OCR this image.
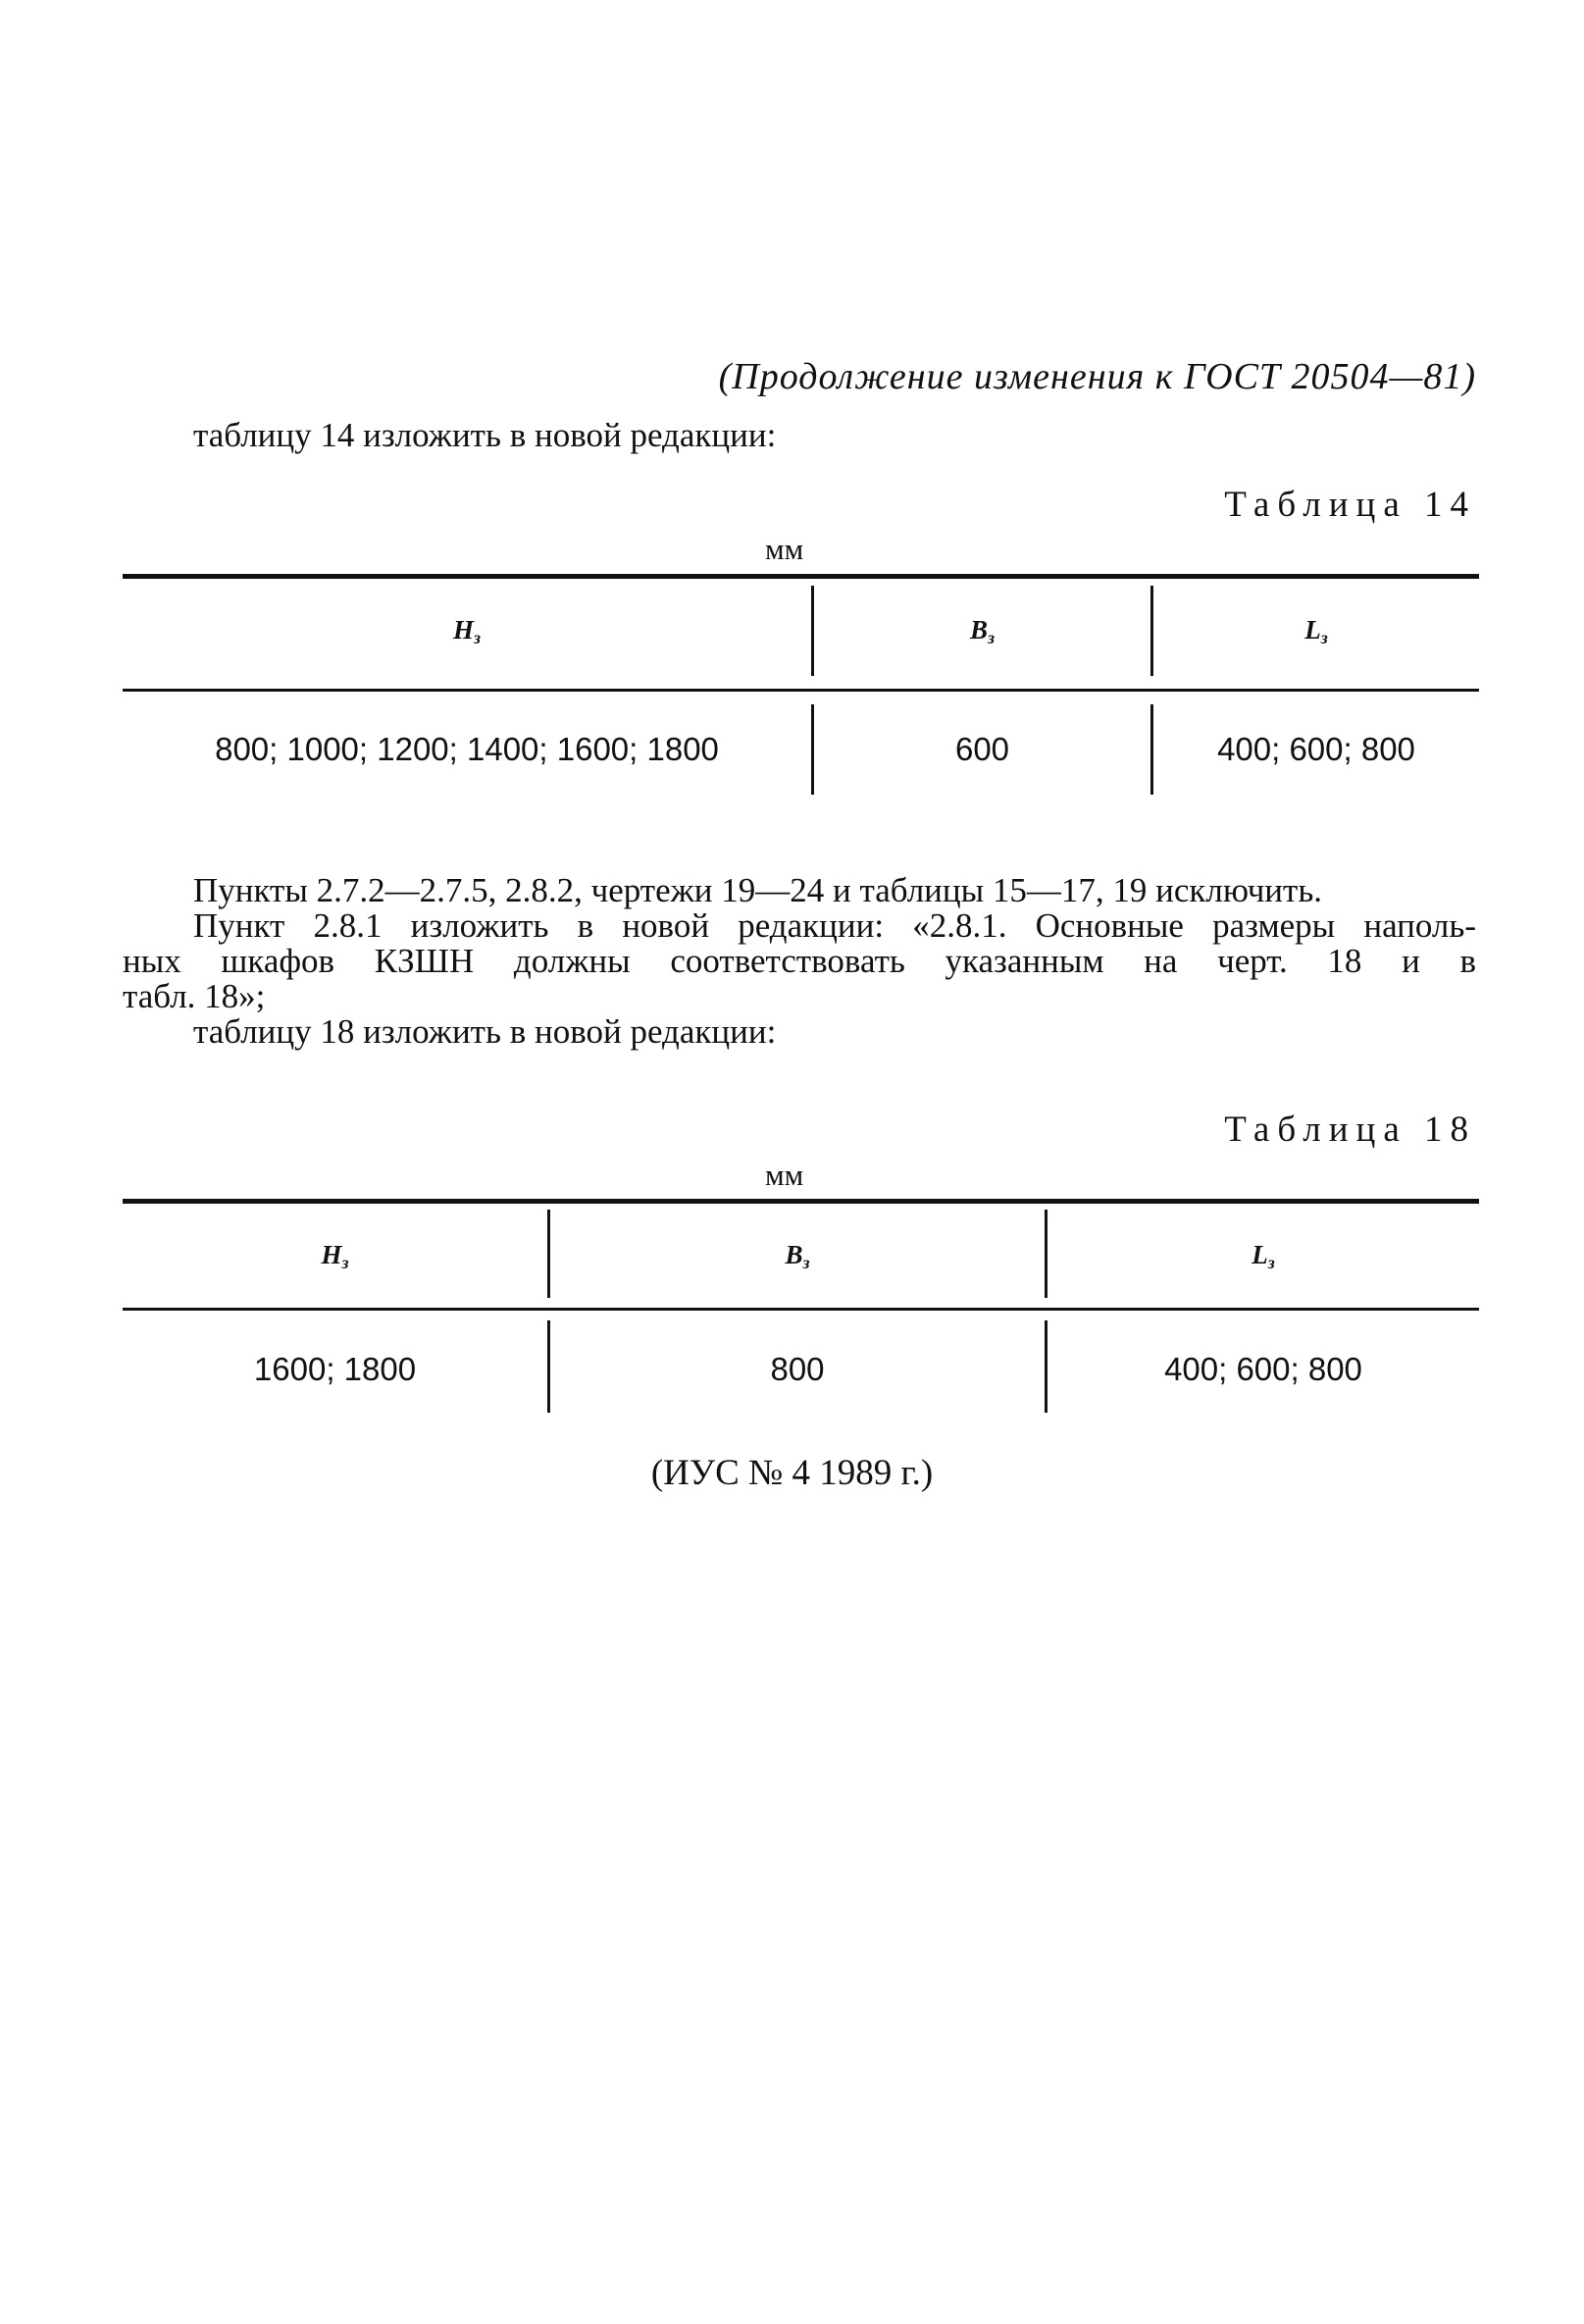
(Продолжение изменения к ГОСТ 20504—81)
таблицу 14 изложить в новой редакции:
Таблица 14
мм
$H_з$	$B_з$	$L_з$
800; 1000; 1200; 1400; 1600; 1800	600	400; 600; 800
Пункты 2.7.2—2.7.5, 2.8.2, чертежи 19—24 и таблицы 15—17, 19 исключить.
Пункт 2.8.1 изложить в новой редакции: «2.8.1. Основные размеры наполь-
ных шкафов КЗШН должны соответствовать указанным на черт. 18 и в
табл. 18»;
таблицу 18 изложить в новой редакции:
Таблица 18
мм
$H_з$	$B_з$	$L_з$
1600; 1800	800	400; 600; 800
(ИУС № 4 1989 г.)
